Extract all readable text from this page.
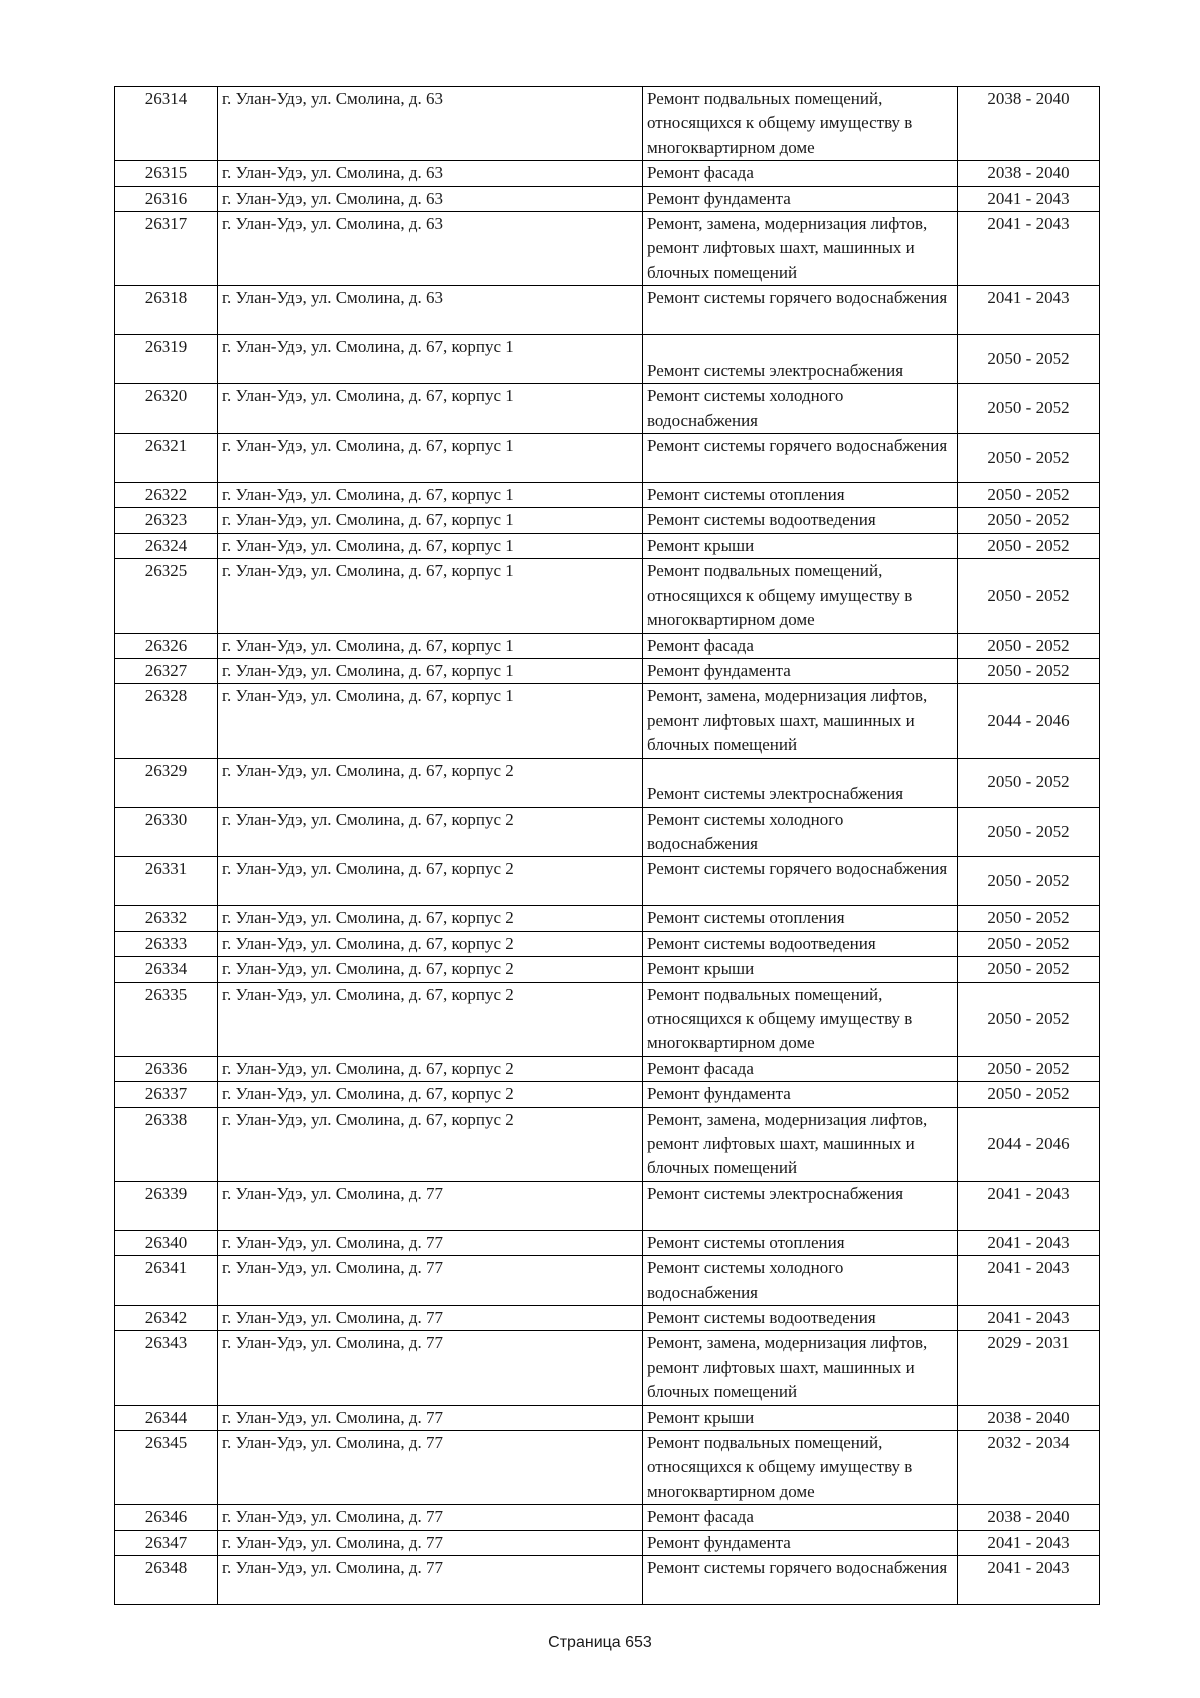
26314	г. Улан-Удэ, ул. Смолина, д. 63	Ремонт подвальных помещений, относящихся к общему имуществу в многоквартирном доме	2038 - 2040
26315	г. Улан-Удэ, ул. Смолина, д. 63	Ремонт фасада	2038 - 2040
26316	г. Улан-Удэ, ул. Смолина, д. 63	Ремонт фундамента	2041 - 2043
26317	г. Улан-Удэ, ул. Смолина, д. 63	Ремонт, замена, модернизация лифтов, ремонт лифтовых шахт, машинных и блочных помещений	2041 - 2043
26318	г. Улан-Удэ, ул. Смолина, д. 63	Ремонт системы горячего водоснабжения	2041 - 2043
26319	г. Улан-Удэ, ул. Смолина, д. 67, корпус 1	Ремонт системы электроснабжения	2050 - 2052
26320	г. Улан-Удэ, ул. Смолина, д. 67, корпус 1	Ремонт системы холодного водоснабжения	2050 - 2052
26321	г. Улан-Удэ, ул. Смолина, д. 67, корпус 1	Ремонт системы горячего водоснабжения	2050 - 2052
26322	г. Улан-Удэ, ул. Смолина, д. 67, корпус 1	Ремонт системы отопления	2050 - 2052
26323	г. Улан-Удэ, ул. Смолина, д. 67, корпус 1	Ремонт системы водоотведения	2050 - 2052
26324	г. Улан-Удэ, ул. Смолина, д. 67, корпус 1	Ремонт крыши	2050 - 2052
26325	г. Улан-Удэ, ул. Смолина, д. 67, корпус 1	Ремонт подвальных помещений, относящихся к общему имуществу в многоквартирном доме	2050 - 2052
26326	г. Улан-Удэ, ул. Смолина, д. 67, корпус 1	Ремонт фасада	2050 - 2052
26327	г. Улан-Удэ, ул. Смолина, д. 67, корпус 1	Ремонт фундамента	2050 - 2052
26328	г. Улан-Удэ, ул. Смолина, д. 67, корпус 1	Ремонт, замена, модернизация лифтов, ремонт лифтовых шахт, машинных и блочных помещений	2044 - 2046
26329	г. Улан-Удэ, ул. Смолина, д. 67, корпус 2	Ремонт системы электроснабжения	2050 - 2052
26330	г. Улан-Удэ, ул. Смолина, д. 67, корпус 2	Ремонт системы холодного водоснабжения	2050 - 2052
26331	г. Улан-Удэ, ул. Смолина, д. 67, корпус 2	Ремонт системы горячего водоснабжения	2050 - 2052
26332	г. Улан-Удэ, ул. Смолина, д. 67, корпус 2	Ремонт системы отопления	2050 - 2052
26333	г. Улан-Удэ, ул. Смолина, д. 67, корпус 2	Ремонт системы водоотведения	2050 - 2052
26334	г. Улан-Удэ, ул. Смолина, д. 67, корпус 2	Ремонт крыши	2050 - 2052
26335	г. Улан-Удэ, ул. Смолина, д. 67, корпус 2	Ремонт подвальных помещений, относящихся к общему имуществу в многоквартирном доме	2050 - 2052
26336	г. Улан-Удэ, ул. Смолина, д. 67, корпус 2	Ремонт фасада	2050 - 2052
26337	г. Улан-Удэ, ул. Смолина, д. 67, корпус 2	Ремонт фундамента	2050 - 2052
26338	г. Улан-Удэ, ул. Смолина, д. 67, корпус 2	Ремонт, замена, модернизация лифтов, ремонт лифтовых шахт, машинных и блочных помещений	2044 - 2046
26339	г. Улан-Удэ, ул. Смолина, д. 77	Ремонт системы электроснабжения	2041 - 2043
26340	г. Улан-Удэ, ул. Смолина, д. 77	Ремонт системы отопления	2041 - 2043
26341	г. Улан-Удэ, ул. Смолина, д. 77	Ремонт системы холодного водоснабжения	2041 - 2043
26342	г. Улан-Удэ, ул. Смолина, д. 77	Ремонт системы водоотведения	2041 - 2043
26343	г. Улан-Удэ, ул. Смолина, д. 77	Ремонт, замена, модернизация лифтов, ремонт лифтовых шахт, машинных и блочных помещений	2029 - 2031
26344	г. Улан-Удэ, ул. Смолина, д. 77	Ремонт крыши	2038 - 2040
26345	г. Улан-Удэ, ул. Смолина, д. 77	Ремонт подвальных помещений, относящихся к общему имуществу в многоквартирном доме	2032 - 2034
26346	г. Улан-Удэ, ул. Смолина, д. 77	Ремонт фасада	2038 - 2040
26347	г. Улан-Удэ, ул. Смолина, д. 77	Ремонт фундамента	2041 - 2043
26348	г. Улан-Удэ, ул. Смолина, д. 77	Ремонт системы горячего водоснабжения	2041 - 2043
Страница 653
